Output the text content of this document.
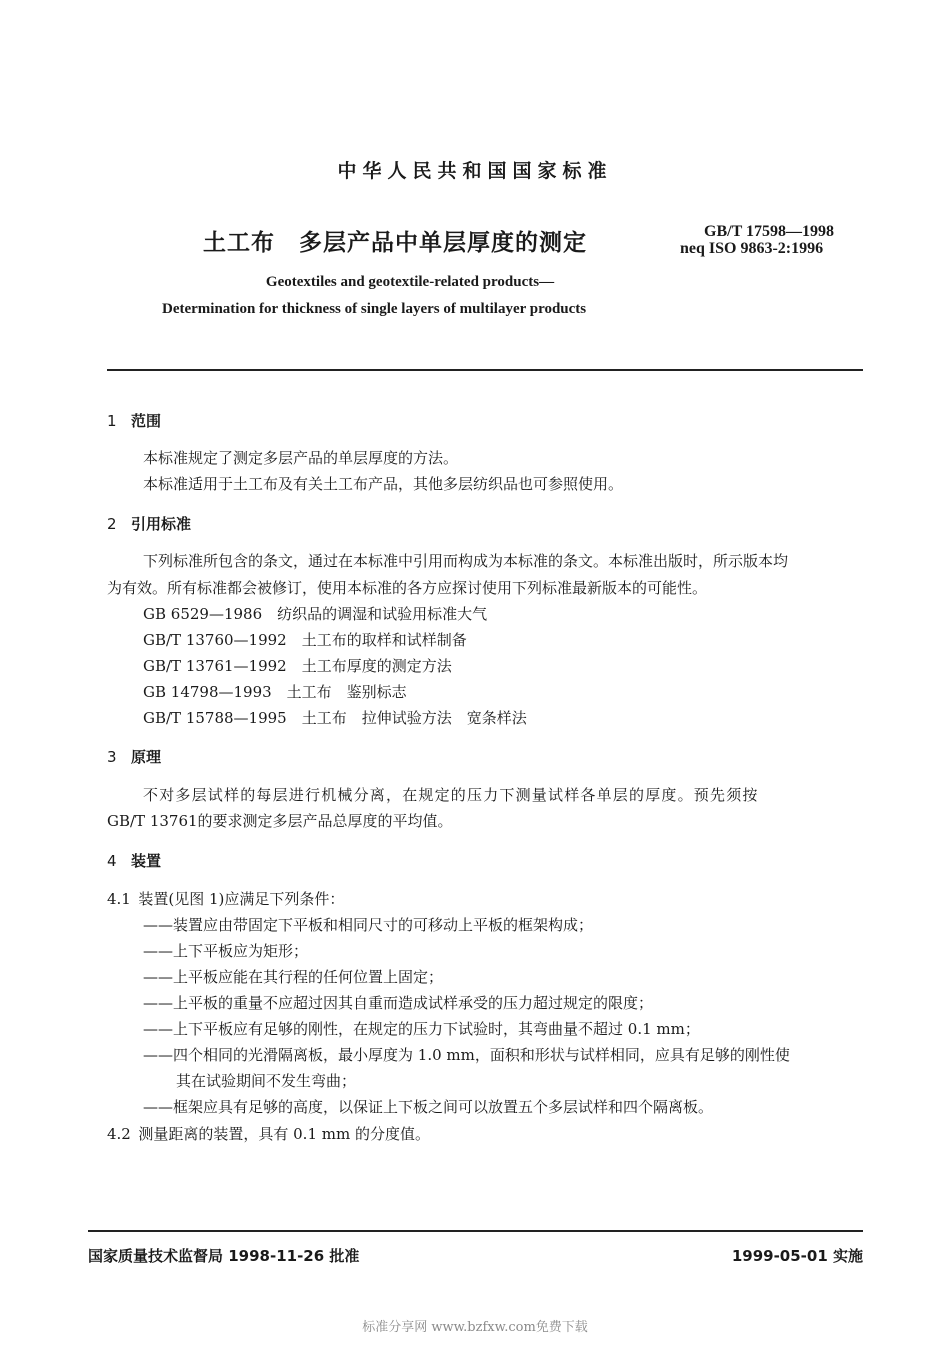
中华人民共和国国家标准
土工布　多层产品中单层厚度的测定	GB/T 17598—1998
neq ISO 9863-2:1996
Geotextiles and geotextile-related products—
Determination for thickness of single layers of multilayer products
1 范围
本标准规定了测定多层产品的单层厚度的方法。
本标准适用于土工布及有关土工布产品，其他多层纺织品也可参照使用。
2 引用标准
下列标准所包含的条文，通过在本标准中引用而构成为本标准的条文。本标准出版时，所示版本均
为有效。所有标准都会被修订，使用本标准的各方应探讨使用下列标准最新版本的可能性。
GB 6529—1986  纺织品的调湿和试验用标准大气
GB/T 13760—1992  土工布的取样和试样制备
GB/T 13761—1992  土工布厚度的测定方法
GB 14798—1993  土工布　鉴别标志
GB/T 15788—1995  土工布　拉伸试验方法　宽条样法
3 原理
不对多层试样的每层进行机械分离，在规定的压力下测量试样各单层的厚度。预先须按
GB/T 13761的要求测定多层产品总厚度的平均值。
4 装置
4.1  装置(见图 1)应满足下列条件：
——装置应由带固定下平板和相同尺寸的可移动上平板的框架构成；
——上下平板应为矩形；
——上平板应能在其行程的任何位置上固定；
——上平板的重量不应超过因其自重而造成试样承受的压力超过规定的限度；
——上下平板应有足够的刚性，在规定的压力下试验时，其弯曲量不超过 0.1 mm；
——四个相同的光滑隔离板，最小厚度为 1.0 mm，面积和形状与试样相同，应具有足够的刚性使
其在试验期间不发生弯曲；
——框架应具有足够的高度，以保证上下板之间可以放置五个多层试样和四个隔离板。
4.2  测量距离的装置，具有 0.1 mm 的分度值。
国家质量技术监督局 1998-11-26 批准	1999-05-01 实施
标准分享网 www.bzfxw.com免费下载
